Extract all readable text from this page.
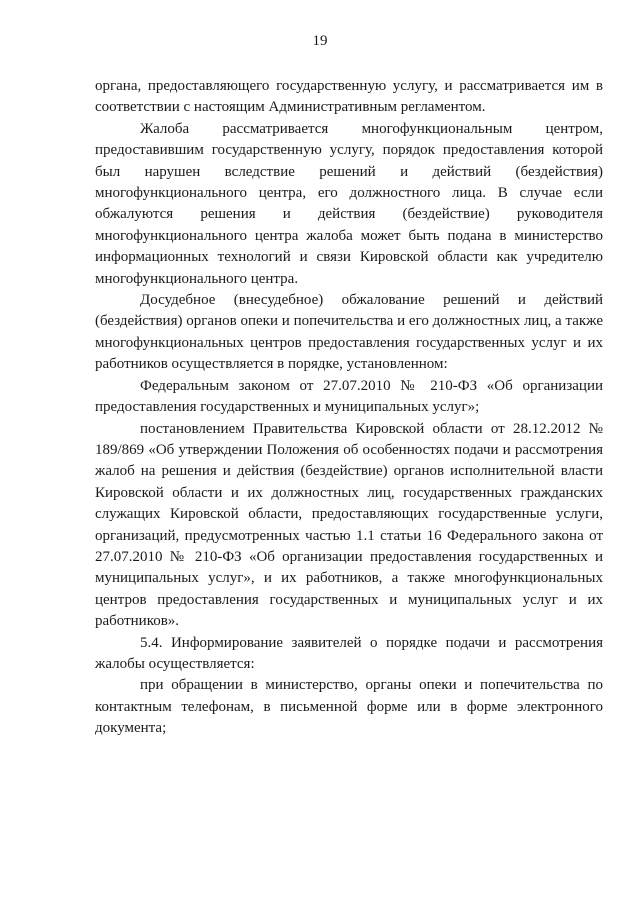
19

органа, предоставляющего государственную услугу, и рассматривается им в соответствии с настоящим Административным регламентом.

Жалоба рассматривается многофункциональным центром, предоставившим государственную услугу, порядок предоставления которой был нарушен вследствие решений и действий (бездействия) многофункционального центра, его должностного лица. В случае если обжалуются решения и действия (бездействие) руководителя многофункционального центра жалоба может быть подана в министерство информационных технологий и связи Кировской области как учредителю многофункционального центра.

Досудебное (внесудебное) обжалование решений и действий (бездействия) органов опеки и попечительства и его должностных лиц, а также многофункциональных центров предоставления государственных услуг и их работников осуществляется в порядке, установленном:

Федеральным законом от 27.07.2010 № 210-ФЗ «Об организации предоставления государственных и муниципальных услуг»;

постановлением Правительства Кировской области от 28.12.2012 № 189/869 «Об утверждении Положения об особенностях подачи и рассмотрения жалоб на решения и действия (бездействие) органов исполнительной власти Кировской области и их должностных лиц, государственных гражданских служащих Кировской области, предоставляющих государственные услуги, организаций, предусмотренных частью 1.1 статьи 16 Федерального закона от 27.07.2010 № 210-ФЗ «Об организации предоставления государственных и муниципальных услуг», и их работников, а также многофункциональных центров предоставления государственных и муниципальных услуг и их работников».

5.4. Информирование заявителей о порядке подачи и рассмотрения жалобы осуществляется:

при обращении в министерство, органы опеки и попечительства по контактным телефонам, в письменной форме или в форме электронного документа;
